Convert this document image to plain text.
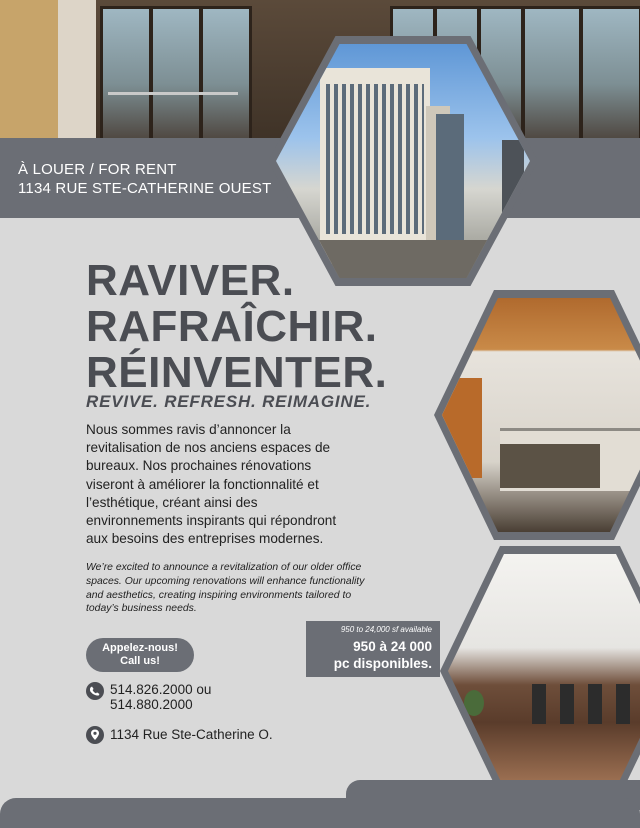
À LOUER / FOR RENT
1134 RUE STE-CATHERINE OUEST
RAVIVER.
RAFRAÎCHIR.
RÉINVENTER.
REVIVE. REFRESH. REIMAGINE.
Nous sommes ravis d’annoncer la revitalisation de nos anciens espaces de bureaux. Nos prochaines rénovations viseront à améliorer la fonctionnalité et l’esthétique, créant ainsi des environnements inspirants qui répondront aux besoins des entreprises modernes.
We’re excited to announce a revitalization of our older office spaces. Our upcoming renovations will enhance functionality and aesthetics, creating inspiring environments tailored to today’s business needs.
950 to 24,000 sf available
950 à 24 000
pc disponibles.
Appelez-nous!
Call us!
514.826.2000 ou
514.880.2000
1134 Rue Ste-Catherine O.
